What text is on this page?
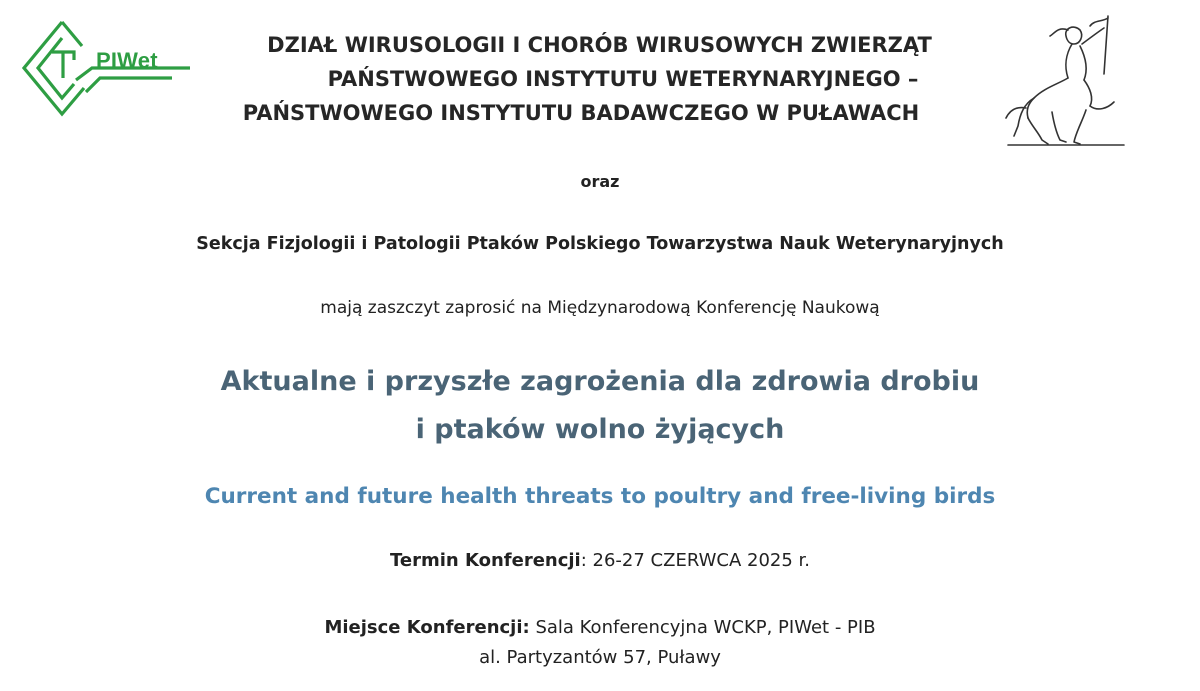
PIWet
DZIAŁ WIRUSOLOGII I CHORÓB WIRUSOWYCH ZWIERZĄT
PAŃSTWOWEGO INSTYTUTU WETERYNARYJNEGO –
PAŃSTWOWEGO INSTYTUTU BADAWCZEGO W PUŁAWACH
oraz
Sekcja Fizjologii i Patologii Ptaków Polskiego Towarzystwa Nauk Weterynaryjnych
mają zaszczyt zaprosić na Międzynarodową Konferencję Naukową
Aktualne i przyszłe zagrożenia dla zdrowia drobiu
i ptaków wolno żyjących
Current and future health threats to poultry and free-living birds
Termin Konferencji: 26-27 CZERWCA 2025 r.
Miejsce Konferencji: Sala Konferencyjna WCKP, PIWet - PIB
al. Partyzantów 57, Puławy
